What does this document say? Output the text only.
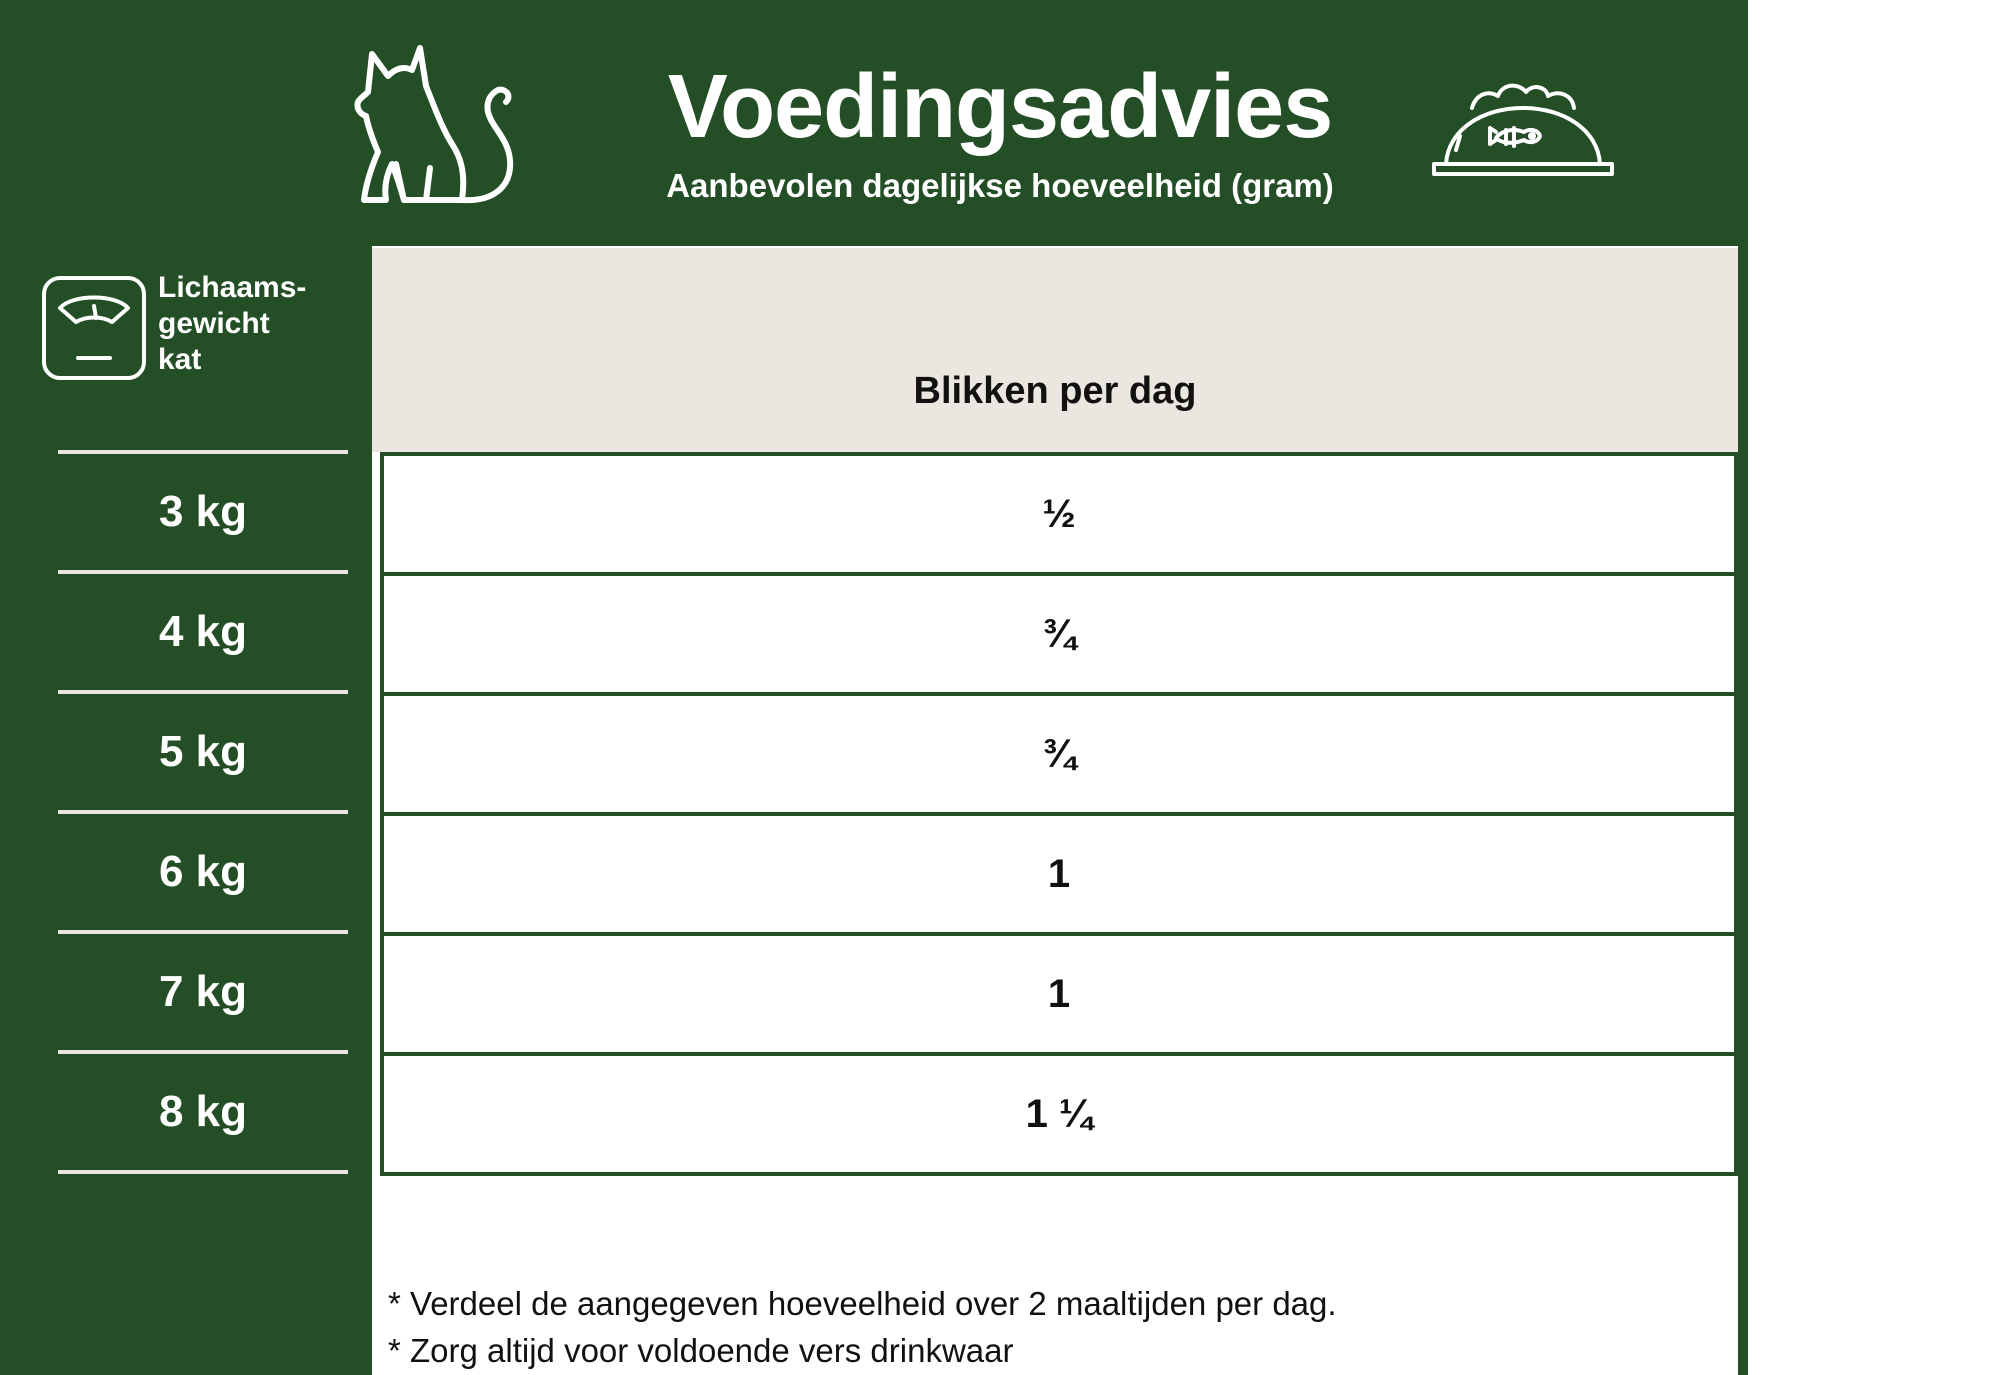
Voedingsadvies
Aanbevolen dagelijkse hoeveelheid (gram)
Lichaams-
gewicht
kat
Blikken per dag
3 kg
4 kg
5 kg
6 kg
7 kg
8 kg
½
¾
¾
1
1
1 ¼
* Verdeel de aangegeven hoeveelheid over 2 maaltijden per dag.
* Zorg altijd voor voldoende vers drinkwaar
